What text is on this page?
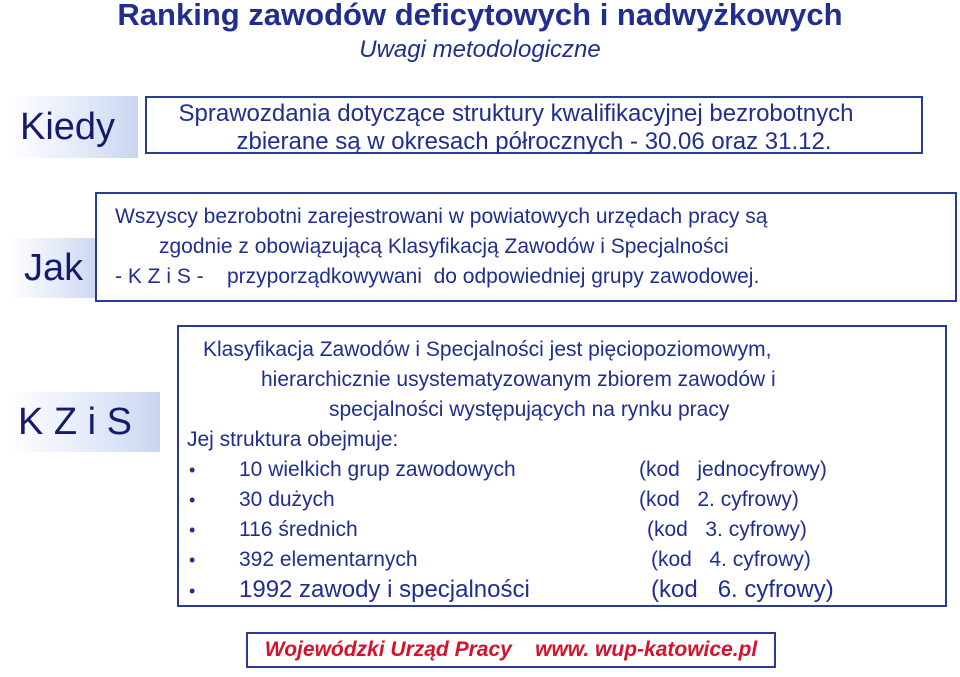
Ranking zawodów deficytowych i nadwyżkowych
Uwagi metodologiczne
Kiedy	Sprawozdania dotyczące struktury kwalifikacyjnej bezrobotnych
zbierane są w okresach półrocznych - 30.06 oraz 31.12.
Jak
Wszyscy bezrobotni zarejestrowani w powiatowych urzędach pracy są
zgodnie z obowiązującą Klasyfikacją Zawodów i Specjalności
- K Z i S -    przyporządkowywani  do odpowiedniej grupy zawodowej.
K Z i S
Klasyfikacja Zawodów i Specjalności jest pięciopoziomowym,
hierarchicznie usystematyzowanym zbiorem zawodów i
specjalności występujących na rynku pracy
Jej struktura obejmuje:
•	10 wielkich grup zawodowych	(kod   jednocyfrowy)
•	30 dużych	(kod   2. cyfrowy)
•	116 średnich	(kod   3. cyfrowy)
•	392 elementarnych	(kod   4. cyfrowy)
•	1992 zawody i specjalności	(kod   6. cyfrowy)
Wojewódzki Urząd Pracy    www. wup-katowice.pl
